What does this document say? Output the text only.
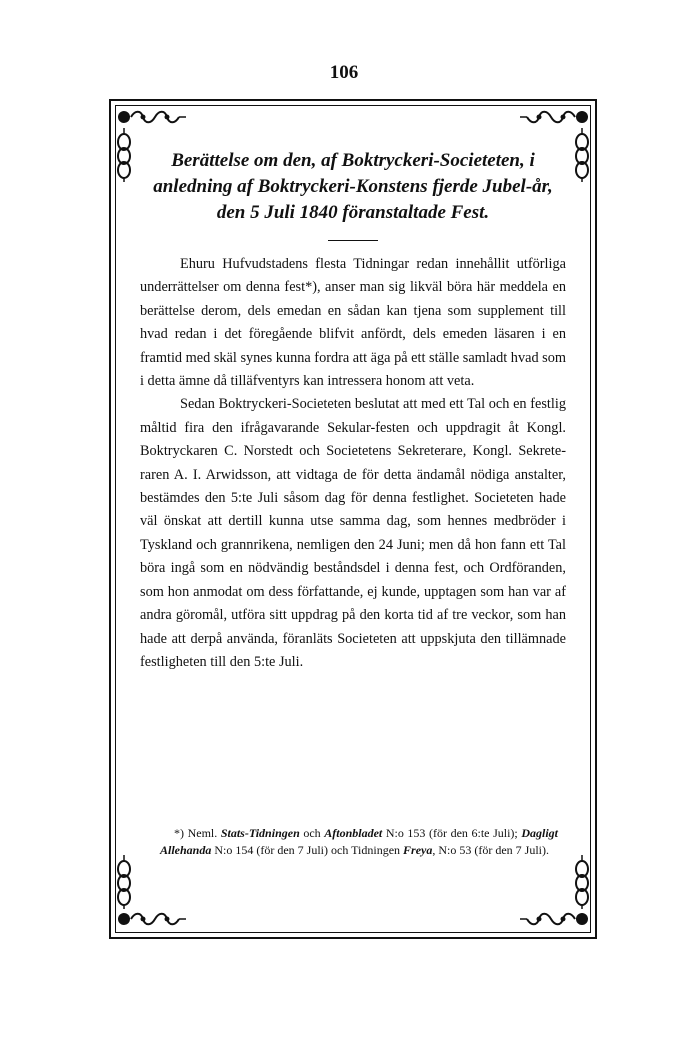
106

Berättelse om den, af Boktryckeri-Societeten, i anledning af Boktryckeri-Konstens fjerde Jubel-år, den 5 Juli 1840 föranstaltade Fest.

Ehuru Hufvudstadens flesta Tidningar redan innehållit utförliga underrättelser om denna fest*), anser man sig likväl böra här meddela en berättelse derom, dels emedan en sådan kan tjena som supplement till hvad redan i det föregående blifvit anfördt, dels emeden läsaren i en framtid med skäl synes kunna fordra att äga på ett ställe samladt hvad som i detta ämne då tilläfventyrs kan intressera honom att veta.

Sedan Boktryckeri-Societeten beslutat att med ett Tal och en festlig måltid fira den ifrågavarande Sekular-festen och uppdragit åt Kongl. Boktryckaren C. Norstedt och Societetens Sekreterare, Kongl. Sekreteraren A. I. Arwidsson, att vidtaga de för detta ändamål nödiga anstalter, bestämdes den 5:te Juli såsom dag för denna festlighet. Societeten hade väl önskat att dertill kunna utse samma dag, som hennes medbröder i Tyskland och grannrikena, nemligen den 24 Juni; men då hon fann ett Tal böra ingå som en nödvändig beståndsdel i denna fest, och Ordföranden, som hon anmodat om dess författande, ej kunde, upptagen som han var af andra göromål, utföra sitt uppdrag på den korta tid af tre veckor, som han hade att derpå använda, föranläts Societeten att uppskjuta den tillämnade festligheten till den 5:te Juli.

*) Neml. Stats-Tidningen och Aftonbladet N:o 153 (för den 6:te Juli); Dagligt Allehanda N:o 154 (för den 7 Juli) och Tidningen Freya, N:o 53 (för den 7 Juli).
